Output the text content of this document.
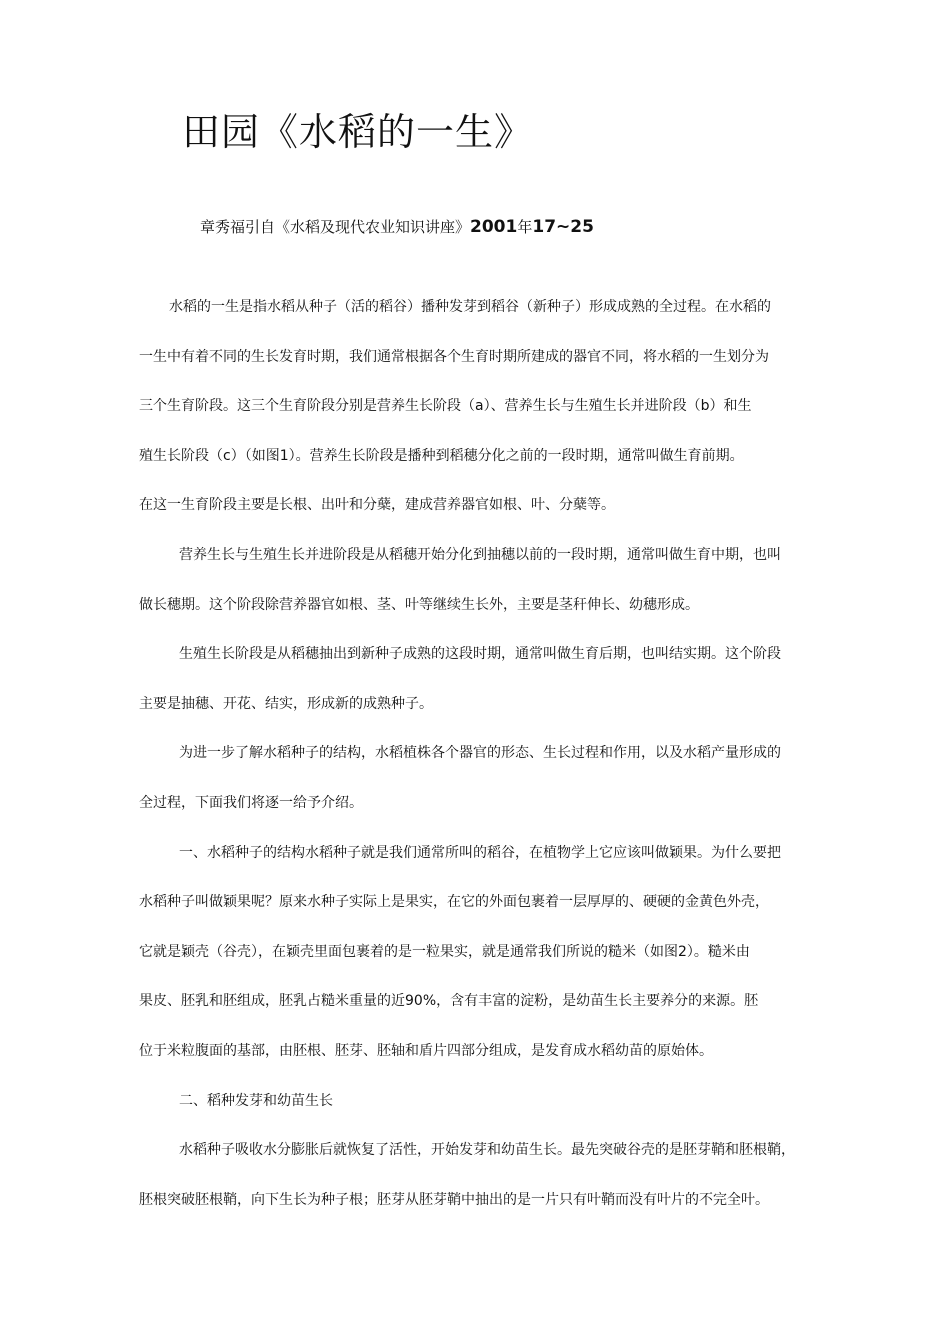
田园《水稻的一生》

章秀福引自《水稻及现代农业知识讲座》2001年17~25

水稻的一生是指水稻从种子（活的稻谷）播种发芽到稻谷（新种子）形成成熟的全过程。在水稻的
一生中有着不同的生长发育时期，我们通常根据各个生育时期所建成的器官不同，将水稻的一生划分为
三个生育阶段。这三个生育阶段分别是营养生长阶段（a）、营养生长与生殖生长并进阶段（b）和生
殖生长阶段（c）（如图1）。营养生长阶段是播种到稻穗分化之前的一段时期，通常叫做生育前期。
在这一生育阶段主要是长根、出叶和分蘖，建成营养器官如根、叶、分蘖等。

营养生长与生殖生长并进阶段是从稻穗开始分化到抽穗以前的一段时期，通常叫做生育中期，也叫
做长穗期。这个阶段除营养器官如根、茎、叶等继续生长外，主要是茎秆伸长、幼穗形成。

生殖生长阶段是从稻穗抽出到新种子成熟的这段时期，通常叫做生育后期，也叫结实期。这个阶段
主要是抽穗、开花、结实，形成新的成熟种子。

为进一步了解水稻种子的结构，水稻植株各个器官的形态、生长过程和作用，以及水稻产量形成的
全过程，下面我们将逐一给予介绍。

一、水稻种子的结构水稻种子就是我们通常所叫的稻谷，在植物学上它应该叫做颖果。为什么要把
水稻种子叫做颖果呢？原来水种子实际上是果实，在它的外面包裹着一层厚厚的、硬硬的金黄色外壳，
它就是颖壳（谷壳），在颖壳里面包裹着的是一粒果实，就是通常我们所说的糙米（如图2）。糙米由
果皮、胚乳和胚组成，胚乳占糙米重量的近90%，含有丰富的淀粉，是幼苗生长主要养分的来源。胚
位于米粒腹面的基部，由胚根、胚芽、胚轴和盾片四部分组成，是发育成水稻幼苗的原始体。

二、稻种发芽和幼苗生长

水稻种子吸收水分膨胀后就恢复了活性，开始发芽和幼苗生长。最先突破谷壳的是胚芽鞘和胚根鞘，
胚根突破胚根鞘，向下生长为种子根；胚芽从胚芽鞘中抽出的是一片只有叶鞘而没有叶片的不完全叶。
